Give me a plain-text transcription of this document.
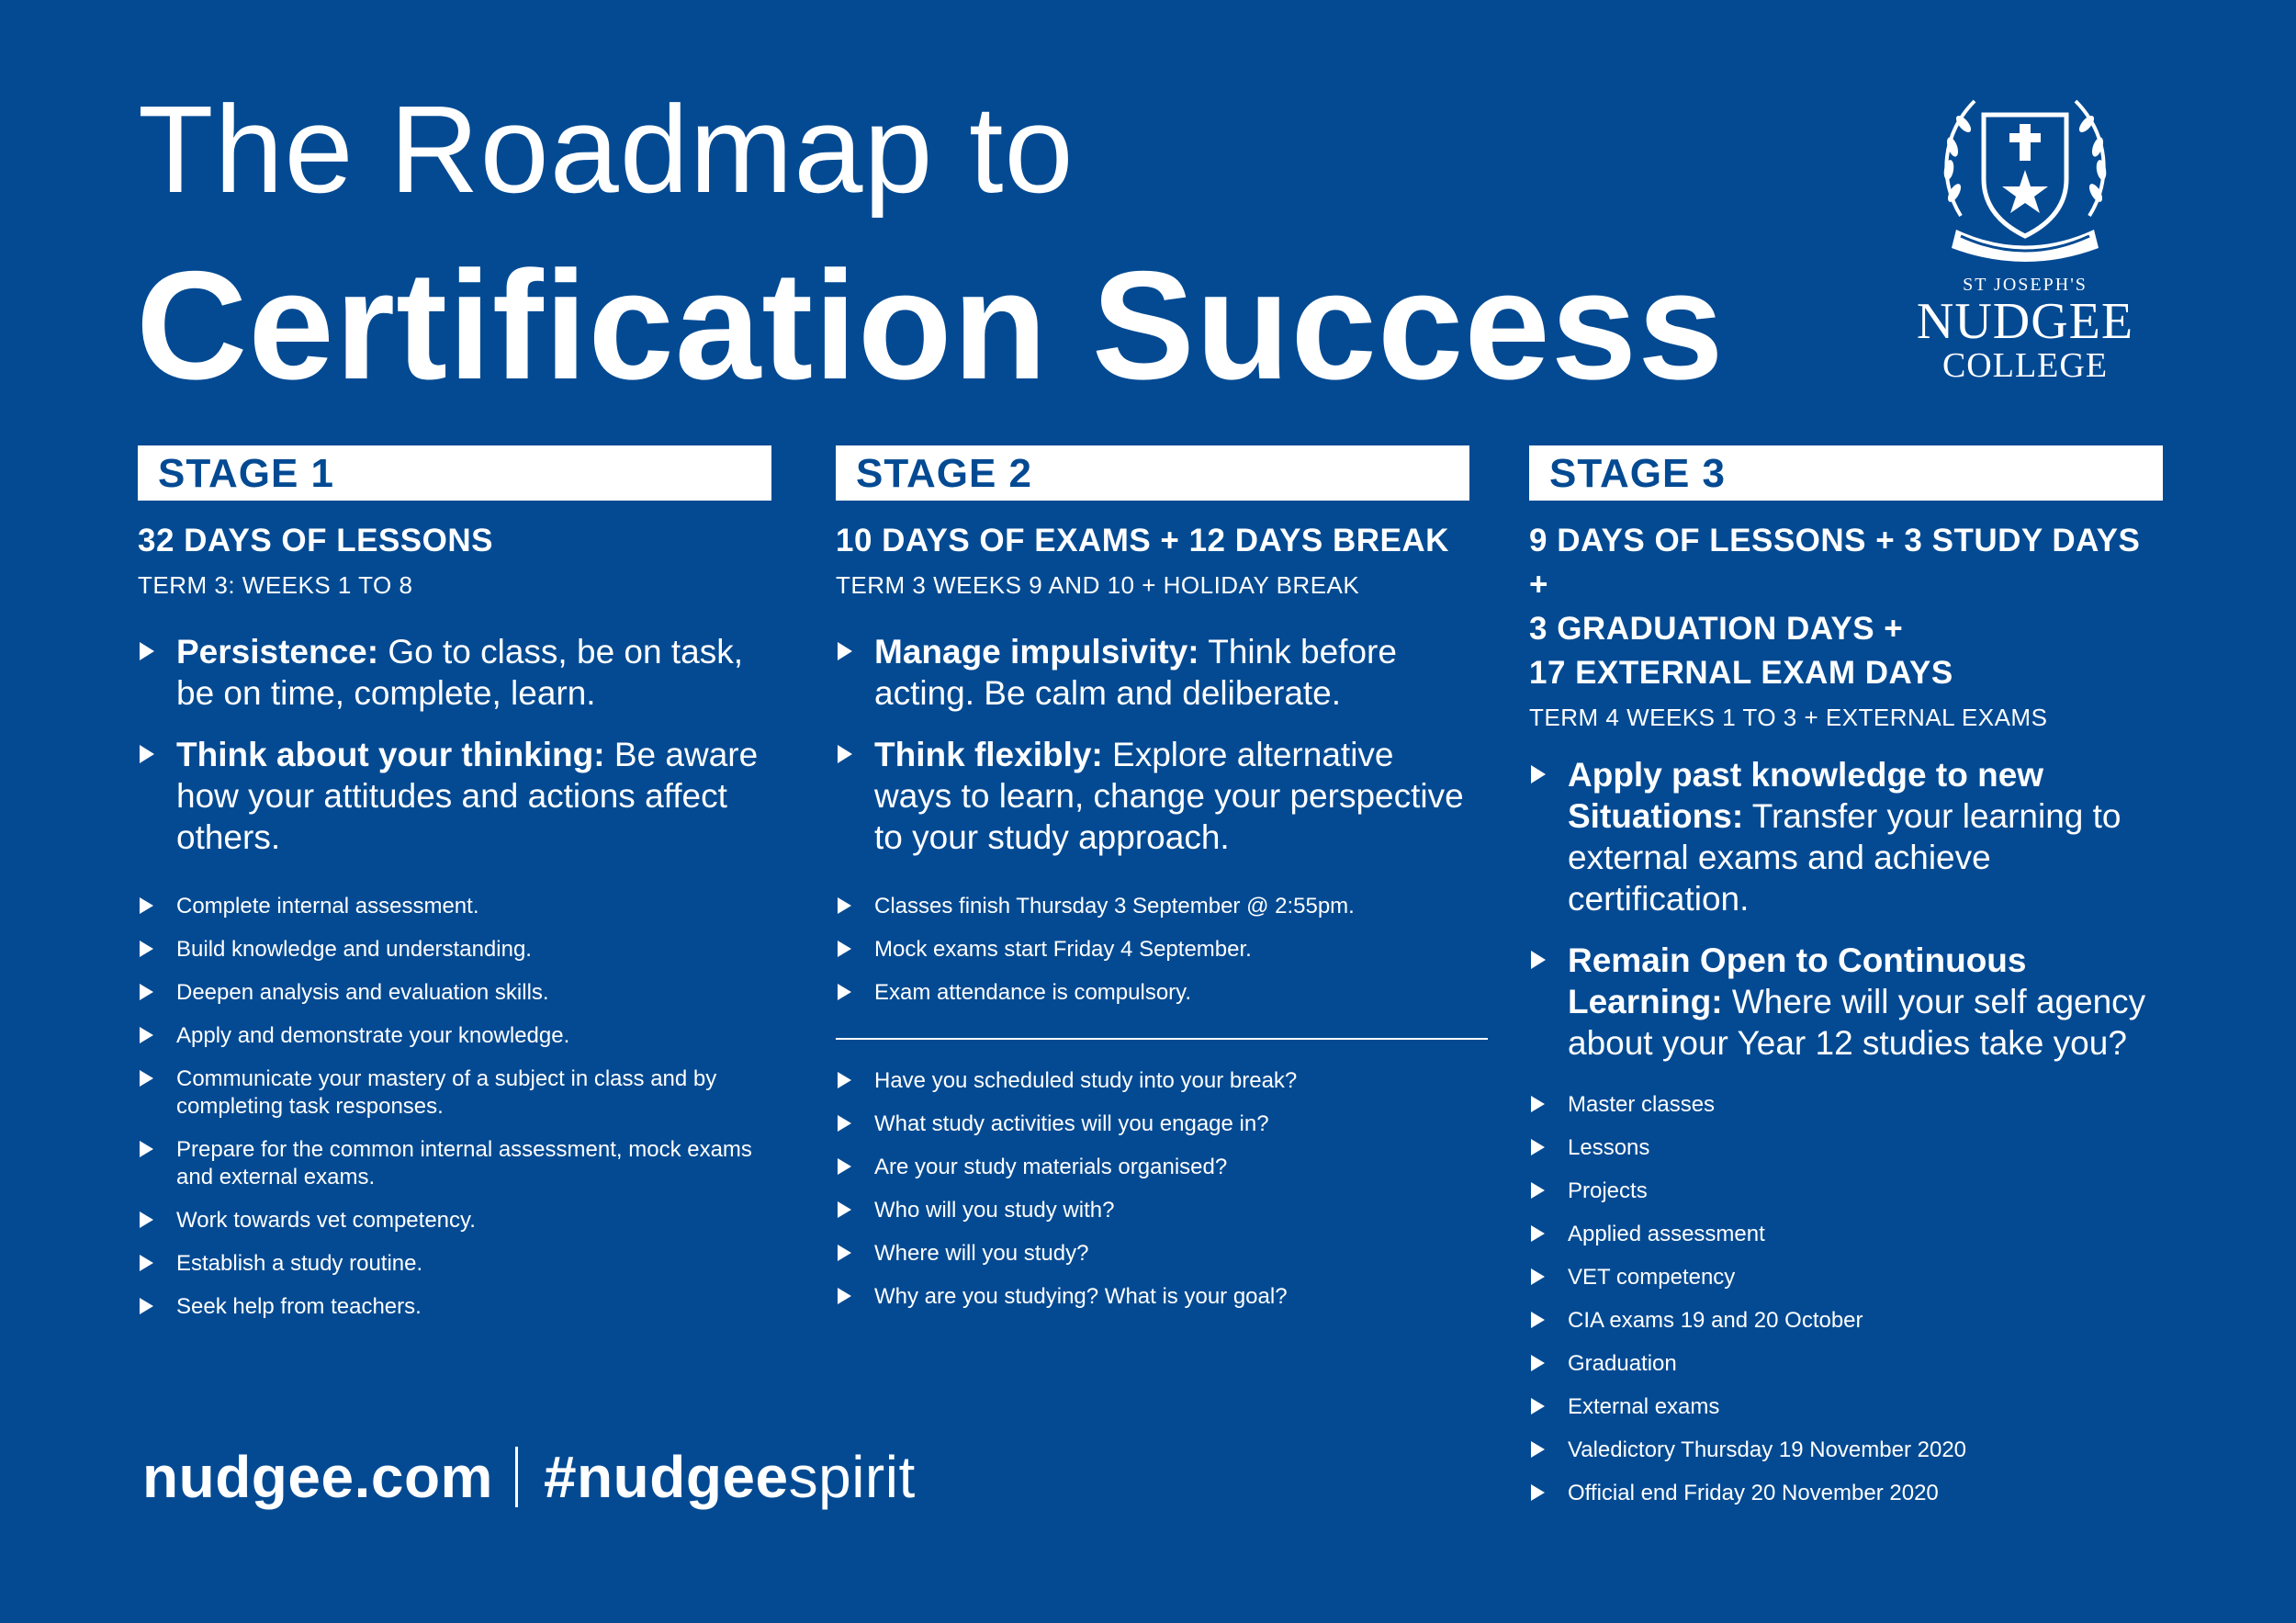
The Roadmap to
Certification Success	ST JOSEPH'S
NUDGEE
COLLEGE
STAGE 1
32 DAYS OF LESSONS
TERM 3: WEEKS 1 TO 8
Persistence: Go to class, be on task, be on time, complete, learn.
Think about your thinking: Be aware how your attitudes and actions affect others.
Complete internal assessment.
Build knowledge and understanding.
Deepen analysis and evaluation skills.
Apply and demonstrate your knowledge.
Communicate your mastery of a subject in class and by completing task responses.
Prepare for the common internal assessment, mock exams and external exams.
Work towards vet competency.
Establish a study routine.
Seek help from teachers.
STAGE 2
10 DAYS OF EXAMS + 12 DAYS BREAK
TERM 3 WEEKS 9 AND 10 + HOLIDAY BREAK
Manage impulsivity: Think before acting. Be calm and deliberate.
Think flexibly: Explore alternative ways to learn, change your perspective to your study approach.
Classes finish Thursday 3 September @ 2:55pm.
Mock exams start Friday 4 September.
Exam attendance is compulsory.
Have you scheduled study into your break?
What study activities will you engage in?
Are your study materials organised?
Who will you study with?
Where will you study?
Why are you studying? What is your goal?
STAGE 3
9 DAYS OF LESSONS + 3 STUDY DAYS +
3 GRADUATION DAYS +
17 EXTERNAL EXAM DAYS
TERM 4 WEEKS 1 TO 3 + EXTERNAL EXAMS
Apply past knowledge to new Situations: Transfer your learning to external exams and achieve certification.
Remain Open to Continuous Learning: Where will your self agency about your Year 12 studies take you?
Master classes
Lessons
Projects
Applied assessment
VET competency
CIA exams 19 and 20 October
Graduation
External exams
Valedictory Thursday 19 November 2020
Official end Friday 20 November 2020
nudgee.com #nudgeespirit
